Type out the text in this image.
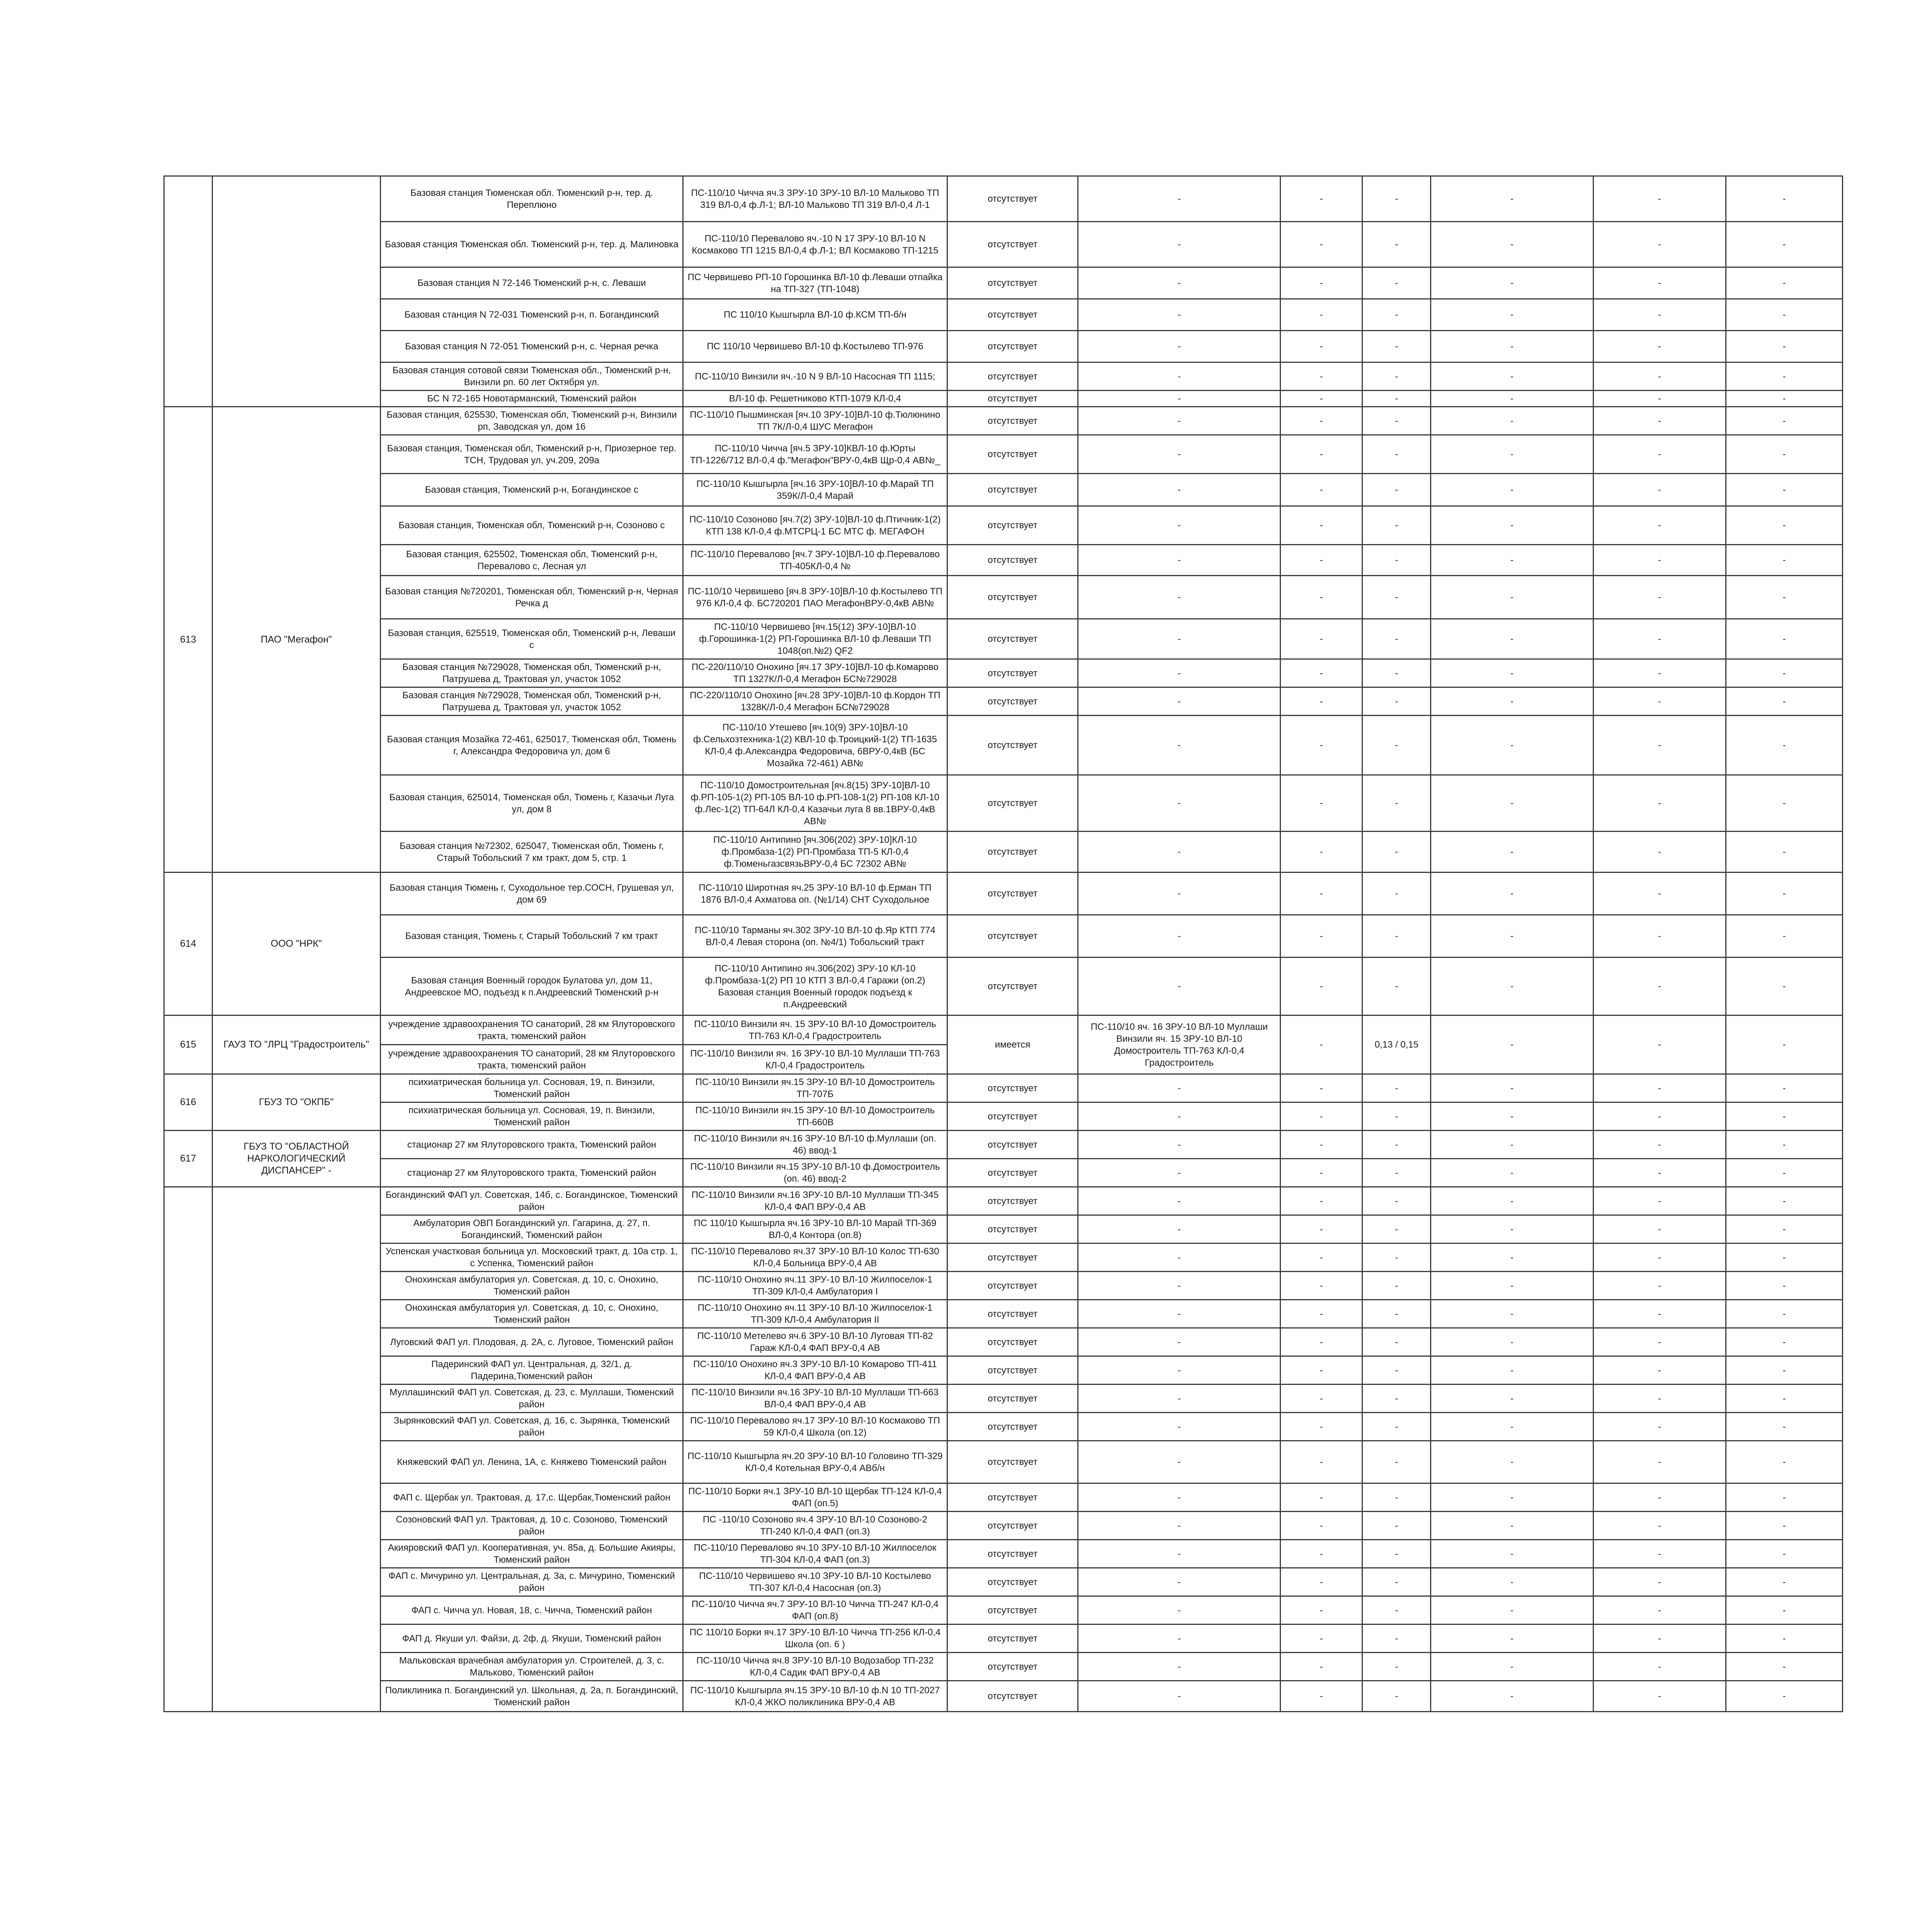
		Базовая станция Тюменская обл. Тюменский р-н, тер. д. Переплюно	ПС-110/10 Чичча яч.3 ЗРУ-10 ЗРУ-10 ВЛ-10 Мальково ТП 319 ВЛ-0,4 ф.Л-1; ВЛ-10 Мальково ТП 319 ВЛ-0,4 Л-1	отсутствует	-	-	-	-	-	-
		Базовая станция Тюменская обл. Тюменский р-н, тер. д. Малиновка	ПС-110/10 Перевалово яч.-10 N 17 ЗРУ-10 ВЛ-10 N Космаково ТП 1215 ВЛ-0,4 ф.Л-1; ВЛ Космаково ТП-1215	отсутствует	-	-	-	-	-	-
		Базовая станция N 72-146 Тюменский р-н, с. Леваши	ПС Червишево РП-10 Горошинка ВЛ-10 ф.Леваши отпайка на ТП-327 (ТП-1048)	отсутствует	-	-	-	-	-	-
		Базовая станция N 72-031 Тюменский р-н, п. Богандинский	ПС 110/10 Кышгырла ВЛ-10 ф.КСМ ТП-б/н	отсутствует	-	-	-	-	-	-
		Базовая станция N 72-051 Тюменский р-н, с. Черная речка	ПС 110/10 Червишево ВЛ-10 ф.Костылево ТП-976	отсутствует	-	-	-	-	-	-
		Базовая станция сотовой связи Тюменская обл., Тюменский р-н, Винзили рп. 60 лет Октября ул.	ПС-110/10 Винзили яч.-10 N 9 ВЛ-10 Насосная ТП 1115;	отсутствует	-	-	-	-	-	-
		БС N 72-165 Новотарманский, Тюменский район	ВЛ-10 ф. Решетниково КТП-1079 КЛ-0,4	отсутствует	-	-	-	-	-	-
613	ПАО "Мегафон"	Базовая станция, 625530, Тюменская обл, Тюменский р-н, Винзили рп, Заводская ул, дом 16	ПС-110/10 Пышминская [яч.10 ЗРУ-10]ВЛ-10 ф.Тюлюнино ТП 7К/Л-0,4 ШУС Мегафон	отсутствует	-	-	-	-	-	-
		Базовая станция, Тюменская обл, Тюменский р-н, Приозерное тер. ТСН, Трудовая ул, уч.209, 209а	ПС-110/10 Чичча [яч.5 ЗРУ-10]КВЛ-10 ф.Юрты ТП-1226/712 ВЛ-0,4 ф."Мегафон"ВРУ-0,4кВ Щр-0,4 АВ№_	отсутствует	-	-	-	-	-	-
		Базовая станция, Тюменский р-н, Богандинское с	ПС-110/10 Кышгырла [яч.16 ЗРУ-10]ВЛ-10 ф.Марай ТП 359К/Л-0,4 Марай	отсутствует	-	-	-	-	-	-
		Базовая станция, Тюменская обл, Тюменский р-н, Созоново с	ПС-110/10 Созоново [яч.7(2) ЗРУ-10]ВЛ-10 ф.Птичник-1(2) КТП 138 КЛ-0,4 ф.МТСРЦ-1 БС МТС ф. МЕГАФОН	отсутствует	-	-	-	-	-	-
		Базовая станция, 625502, Тюменская обл, Тюменский р-н, Перевалово с, Лесная ул	ПС-110/10 Перевалово [яч.7 ЗРУ-10]ВЛ-10 ф.Перевалово ТП-405КЛ-0,4 №	отсутствует	-	-	-	-	-	-
		Базовая станция №720201, Тюменская обл, Тюменский р-н, Черная Речка д	ПС-110/10 Червишево [яч.8 ЗРУ-10]ВЛ-10 ф.Костылево ТП 976 КЛ-0,4 ф. БС720201 ПАО МегафонВРУ-0,4кВ АВ№	отсутствует	-	-	-	-	-	-
		Базовая станция, 625519, Тюменская обл, Тюменский р-н, Леваши с	ПС-110/10 Червишево [яч.15(12) ЗРУ-10]ВЛ-10 ф.Горошинка-1(2) РП-Горошинка ВЛ-10 ф.Леваши ТП 1048(оп.№2) QF2	отсутствует	-	-	-	-	-	-
		Базовая станция №729028, Тюменская обл, Тюменский р-н, Патрушева д, Трактовая ул, участок 1052	ПС-220/110/10 Онохино [яч.17 ЗРУ-10]ВЛ-10 ф.Комарово ТП 1327К/Л-0,4 Мегафон БС№729028	отсутствует	-	-	-	-	-	-
		Базовая станция №729028, Тюменская обл, Тюменский р-н, Патрушева д, Трактовая ул, участок 1052	ПС-220/110/10 Онохино [яч.28 ЗРУ-10]ВЛ-10 ф.Кордон ТП 1328К/Л-0,4 Мегафон БС№729028	отсутствует	-	-	-	-	-	-
		Базовая станция Мозайка 72-461, 625017, Тюменская обл, Тюмень г, Александра Федоровича ул, дом 6	ПС-110/10 Утешево [яч.10(9) ЗРУ-10]ВЛ-10 ф.Сельхозтехника-1(2) КВЛ-10 ф.Троицкий-1(2) ТП-1635 КЛ-0,4 ф.Александра Федоровича, 6ВРУ-0,4кВ (БС Мозайка 72-461) АВ№	отсутствует	-	-	-	-	-	-
		Базовая станция, 625014, Тюменская обл, Тюмень г, Казачьи Луга ул, дом 8	ПС-110/10 Домостроительная [яч.8(15) ЗРУ-10]ВЛ-10 ф.РП-105-1(2) РП-105 ВЛ-10 ф.РП-108-1(2) РП-108 КЛ-10 ф.Лес-1(2) ТП-64Л КЛ-0,4 Казачьи луга 8 вв.1ВРУ-0,4кВ АВ№	отсутствует	-	-	-	-	-	-
		Базовая станция №72302, 625047, Тюменская обл, Тюмень г, Старый Тобольский 7 км тракт, дом 5, стр. 1	ПС-110/10 Антипино [яч.306(202) ЗРУ-10]КЛ-10 ф.Промбаза-1(2) РП-Промбаза ТП-5 КЛ-0,4 ф.ТюменьгазсвязьВРУ-0,4 БС 72302 АВ№	отсутствует	-	-	-	-	-	-
614	ООО "НРК"	Базовая станция Тюмень г, Суходольное тер.СОСН, Грушевая ул, дом 69	ПС-110/10 Широтная яч.25 ЗРУ-10 ВЛ-10 ф.Ерман ТП 1876 ВЛ-0,4 Ахматова оп. (№1/14) СНТ Суходольное	отсутствует	-	-	-	-	-	-
		Базовая станция, Тюмень г, Старый Тобольский 7 км тракт	ПС-110/10 Тарманы яч.302 ЗРУ-10 ВЛ-10 ф.Яр КТП 774 ВЛ-0,4 Левая сторона (оп. №4/1) Тобольский тракт	отсутствует	-	-	-	-	-	-
		Базовая станция Военный городок Булатова ул, дом 11, Андреевское МО, подъезд к п.Андреевский Тюменский р-н	ПС-110/10 Антипино яч.306(202) ЗРУ-10 КЛ-10 ф.Промбаза-1(2) РП 10 КТП 3 ВЛ-0,4 Гаражи (оп.2) Базовая станция Военный городок подъезд к п.Андреевский	отсутствует	-	-	-	-	-	-
615	ГАУЗ ТО "ЛРЦ "Градостроитель"	учреждение здравоохранения ТО санаторий, 28 км Ялуторовского тракта, тюменский район	ПС-110/10 Винзили яч. 15 ЗРУ-10 ВЛ-10 Домостроитель ТП-763 КЛ-0,4 Градостроитель	имеется	ПС-110/10 яч. 16 ЗРУ-10 ВЛ-10 Муллаши Винзили яч. 15 ЗРУ-10 ВЛ-10 Домостроитель ТП-763 КЛ-0,4 Градостроитель	-	0,13 / 0,15	-	-	-
		учреждение здравоохранения ТО санаторий, 28 км Ялуторовского тракта, тюменский район	ПС-110/10 Винзили яч. 16 ЗРУ-10 ВЛ-10 Муллаши ТП-763 КЛ-0,4 Градостроитель							
616	ГБУЗ ТО "ОКПБ"	психиатрическая больница ул. Сосновая, 19, п. Винзили, Тюменский район	ПС-110/10 Винзили яч.15 ЗРУ-10 ВЛ-10 Домостроитель ТП-707Б	отсутствует	-	-	-	-	-	-
		психиатрическая больница ул. Сосновая, 19, п. Винзили, Тюменский район	ПС-110/10 Винзили яч.15 ЗРУ-10 ВЛ-10 Домостроитель ТП-660В	отсутствует	-	-	-	-	-	-
617	ГБУЗ ТО "ОБЛАСТНОЙ НАРКОЛОГИЧЕСКИЙ ДИСПАНСЕР" -	стационар 27 км Ялуторовского тракта, Тюменский район	ПС-110/10 Винзили яч.16 ЗРУ-10 ВЛ-10 ф.Муллаши (оп. 46) ввод-1	отсутствует	-	-	-	-	-	-
		стационар 27 км Ялуторовского тракта, Тюменский район	ПС-110/10 Винзили яч.15 ЗРУ-10 ВЛ-10 ф.Домостроитель (оп. 46) ввод-2	отсутствует	-	-	-	-	-	-
		Богандинский ФАП ул. Советская, 14б, с. Богандинское, Тюменский район	ПС-110/10 Винзили яч.16 ЗРУ-10 ВЛ-10 Муллаши ТП-345 КЛ-0,4 ФАП ВРУ-0,4 АВ	отсутствует	-	-	-	-	-	-
		Амбулатория ОВП Богандинский ул. Гагарина, д. 27, п. Богандинский, Тюменский район	ПС 110/10 Кышгырла яч.16 ЗРУ-10 ВЛ-10 Марай ТП-369 ВЛ-0,4 Контора (оп.8)	отсутствует	-	-	-	-	-	-
		Успенская участковая больница ул. Московский тракт, д. 10а стр. 1, с Успенка, Тюменский район	ПС-110/10 Перевалово яч.37 ЗРУ-10 ВЛ-10 Колос ТП-630 КЛ-0,4 Больница ВРУ-0,4 АВ	отсутствует	-	-	-	-	-	-
		Онохинская амбулатория ул. Советская, д. 10, с. Онохино, Тюменский район	ПС-110/10 Онохино яч.11 ЗРУ-10 ВЛ-10 Жилпоселок-1 ТП-309 КЛ-0,4 Амбулатория I	отсутствует	-	-	-	-	-	-
		Онохинская амбулатория ул. Советская, д. 10, с. Онохино, Тюменский район	ПС-110/10 Онохино яч.11 ЗРУ-10 ВЛ-10 Жилпоселок-1 ТП-309 КЛ-0,4 Амбулатория II	отсутствует	-	-	-	-	-	-
		Луговский ФАП ул. Плодовая, д. 2А, с. Луговое, Тюменский район	ПС-110/10 Метелево яч.6 ЗРУ-10 ВЛ-10 Луговая ТП-82 Гараж КЛ-0,4 ФАП ВРУ-0,4 АВ	отсутствует	-	-	-	-	-	-
		Падеринский ФАП ул. Центральная, д. 32/1, д. Падерина,Тюменский район	ПС-110/10 Онохино яч.3 ЗРУ-10 ВЛ-10 Комарово ТП-411 КЛ-0,4 ФАП ВРУ-0,4 АВ	отсутствует	-	-	-	-	-	-
		Муллашинский ФАП ул. Советская, д. 23, с. Муллаши, Тюменский район	ПС-110/10 Винзили яч.16 ЗРУ-10 ВЛ-10 Муллаши ТП-663 ВЛ-0,4 ФАП ВРУ-0,4 АВ	отсутствует	-	-	-	-	-	-
		Зырянковский ФАП ул. Советская, д. 16, с. Зырянка, Тюменский район	ПС-110/10 Перевалово яч.17 ЗРУ-10 ВЛ-10 Космаково ТП 59 КЛ-0,4 Школа (оп.12)	отсутствует	-	-	-	-	-	-
		Княжевский ФАП ул. Ленина, 1А, с. Княжево Тюменский район	ПС-110/10 Кышгырла яч.20 ЗРУ-10 ВЛ-10 Головино ТП-329 КЛ-0,4 Котельная ВРУ-0,4 АВб/н	отсутствует	-	-	-	-	-	-
		ФАП с. Щербак ул. Трактовая, д. 17,с. Щербак,Тюменский район	ПС-110/10 Борки яч.1 ЗРУ-10 ВЛ-10 Щербак ТП-124 КЛ-0,4 ФАП (оп.5)	отсутствует	-	-	-	-	-	-
		Созоновский ФАП ул. Трактовая, д. 10 с. Созоново, Тюменский район	ПС -110/10 Созоново яч.4 ЗРУ-10 ВЛ-10 Созоново-2 ТП-240 КЛ-0,4 ФАП (оп.3)	отсутствует	-	-	-	-	-	-
		Акияровский ФАП ул. Кооперативная, уч. 85а, д. Большие Акияры, Тюменский район	ПС-110/10 Перевалово яч.10 ЗРУ-10 ВЛ-10 Жилпоселок ТП-304 КЛ-0,4 ФАП (оп.3)	отсутствует	-	-	-	-	-	-
		ФАП с. Мичурино ул. Центральная, д. 3а, с. Мичурино, Тюменский район	ПС-110/10 Червишево яч.10 ЗРУ-10 ВЛ-10 Костылево ТП-307 КЛ-0,4 Насосная (оп.3)	отсутствует	-	-	-	-	-	-
		ФАП с. Чичча ул. Новая, 18, с. Чичча, Тюменский район	ПС-110/10 Чичча яч.7 ЗРУ-10 ВЛ-10 Чичча ТП-247 КЛ-0,4 ФАП (оп.8)	отсутствует	-	-	-	-	-	-
		ФАП д. Якуши ул. Файзи, д. 2ф, д. Якуши, Тюменский район	ПС 110/10 Борки яч.17 ЗРУ-10 ВЛ-10 Чичча ТП-256 КЛ-0,4 Школа (оп. 6 )	отсутствует	-	-	-	-	-	-
		Мальковская врачебная амбулатория ул. Строителей, д. 3, с. Мальково, Тюменский район	ПС-110/10 Чичча яч.8 ЗРУ-10 ВЛ-10 Водозабор ТП-232 КЛ-0,4 Садик ФАП ВРУ-0,4 АВ	отсутствует	-	-	-	-	-	-
		Поликлиника п. Богандинский ул. Школьная, д. 2а, п. Богандинский, Тюменский район	ПС-110/10 Кышгырла яч.15 ЗРУ-10 ВЛ-10 ф.N 10 ТП-2027 КЛ-0,4 ЖКО поликлиника ВРУ-0,4 АВ	отсутствует	-	-	-	-	-	-
